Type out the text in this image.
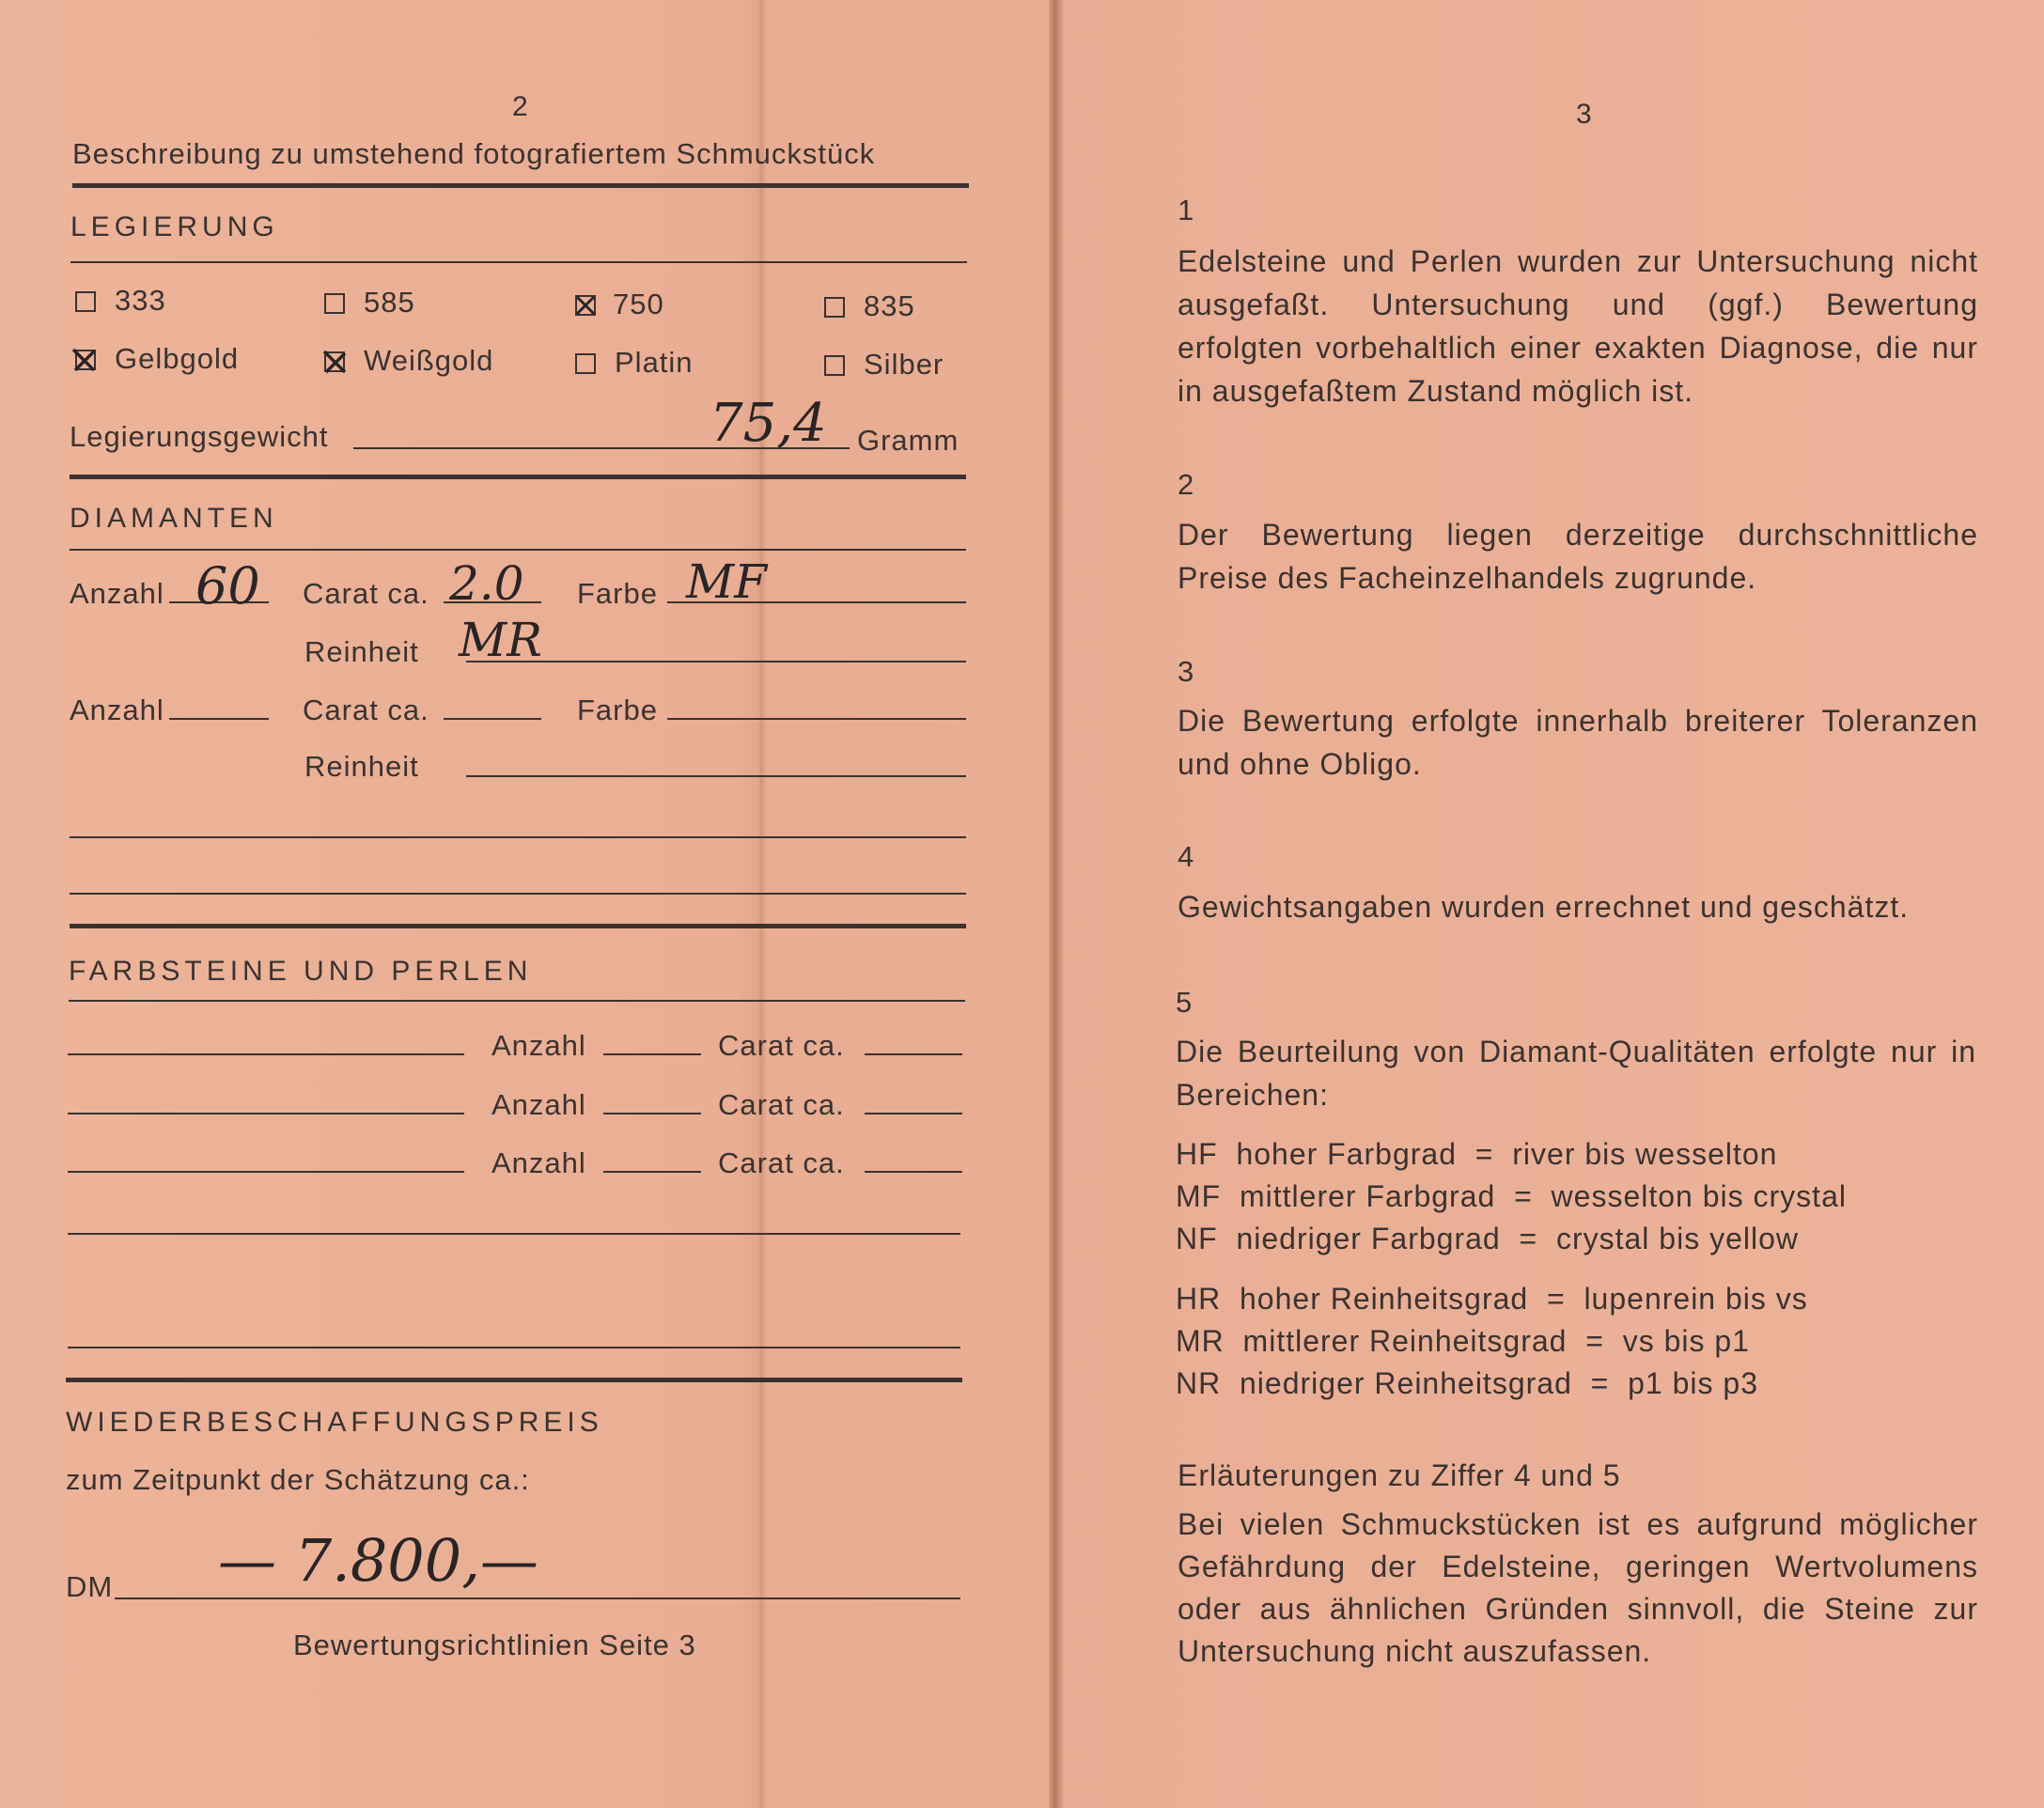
2
Beschreibung zu umstehend fotografiertem Schmuckstück
LEGIERUNG
333	585	750	835
Gelbgold	Weißgold	Platin	Silber
Legierungsgewicht	75,4 Gramm
DIAMANTEN
Anzahl 60 Carat ca. 2.0 Farbe MF
Reinheit MR
Anzahl	Carat ca.	Farbe
Reinheit
FARBSTEINE UND PERLEN
Anzahl	Carat ca.
Anzahl	Carat ca.
Anzahl	Carat ca.
WIEDERBESCHAFFUNGSPREIS
zum Zeitpunkt der Schätzung ca.:
DM — 7.800,—
Bewertungsrichtlinien Seite 3
3
1
Edelsteine und Perlen wurden zur Untersuchung nicht ausgefaßt. Untersuchung und (ggf.) Bewertung erfolgten vorbehaltlich einer exakten Diagnose, die nur in ausgefaßtem Zustand möglich ist.
2
Der Bewertung liegen derzeitige durchschnittliche Preise des Facheinzelhandels zugrunde.
3
Die Bewertung erfolgte innerhalb breiterer Toleranzen und ohne Obligo.
4
Gewichtsangaben wurden errechnet und geschätzt.
5
Die Beurteilung von Diamant-Qualitäten erfolgte nur in Bereichen:
HF  hoher Farbgrad  =  river bis wesselton
MF  mittlerer Farbgrad  =  wesselton bis crystal
NF  niedriger Farbgrad  =  crystal bis yellow
HR  hoher Reinheitsgrad  =  lupenrein bis vs
MR  mittlerer Reinheitsgrad  =  vs bis p1
NR  niedriger Reinheitsgrad  =  p1 bis p3
Erläuterungen zu Ziffer 4 und 5
Bei vielen Schmuckstücken ist es aufgrund möglicher Gefährdung der Edelsteine, geringen Wertvolumens oder aus ähnlichen Gründen sinnvoll, die Steine zur Untersuchung nicht auszufassen.
